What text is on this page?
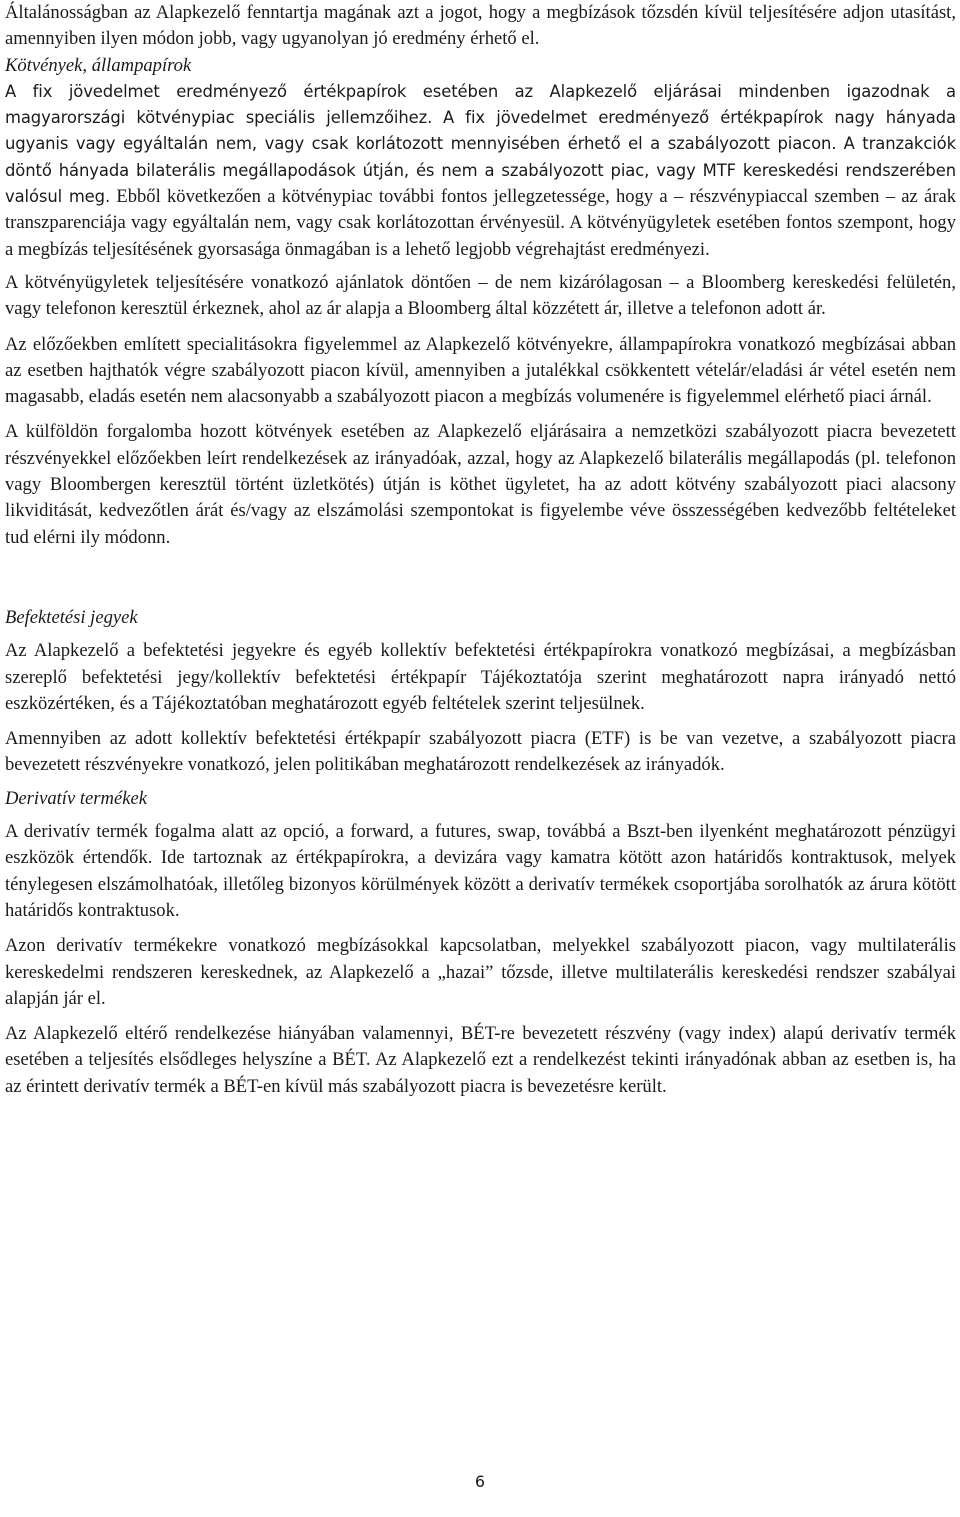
Általánosságban az Alapkezelő fenntartja magának azt a jogot, hogy a megbízások tőzsdén kívül teljesítésére adjon utasítást, amennyiben ilyen módon jobb, vagy ugyanolyan jó eredmény érhető el.

Kötvények, állampapírok

A fix jövedelmet eredményező értékpapírok esetében az Alapkezelő eljárásai mindenben igazodnak a magyarországi kötvénypiac speciális jellemzőihez. A fix jövedelmet eredményező értékpapírok nagy hányada ugyanis vagy egyáltalán nem, vagy csak korlátozott mennyisében érhető el a szabályozott piacon. A tranzakciók döntő hányada bilaterális megállapodások útján, és nem a szabályozott piac, vagy MTF kereskedési rendszerében valósul meg. Ebből következően a kötvénypiac további fontos jellegzetessége, hogy a – részvénypiaccal szemben – az árak transzparenciája vagy egyáltalán nem, vagy csak korlátozottan érvényesül. A kötvényügyletek esetében fontos szempont, hogy a megbízás teljesítésének gyorsasága önmagában is a lehető legjobb végrehajtást eredményezi.

A kötvényügyletek teljesítésére vonatkozó ajánlatok döntően – de nem kizárólagosan – a Bloomberg kereskedési felületén, vagy telefonon keresztül érkeznek, ahol az ár alapja a Bloomberg által közzétett ár, illetve a telefonon adott ár.

Az előzőekben említett specialitásokra figyelemmel az Alapkezelő kötvényekre, állampapírokra vonatkozó megbízásai abban az esetben hajthatók végre szabályozott piacon kívül, amennyiben a jutalékkal csökkentett vételár/eladási ár vétel esetén nem magasabb, eladás esetén nem alacsonyabb a szabályozott piacon a megbízás volumenére is figyelemmel elérhető piaci árnál.

A külföldön forgalomba hozott kötvények esetében az Alapkezelő eljárásaira a nemzetközi szabályozott piacra bevezetett részvényekkel előzőekben leírt rendelkezések az irányadóak, azzal, hogy az Alapkezelő bilaterális megállapodás (pl. telefonon vagy Bloombergen keresztül történt üzletkötés) útján is köthet ügyletet, ha az adott kötvény szabályozott piaci alacsony likviditását, kedvezőtlen árát és/vagy az elszámolási szempontokat is figyelembe véve összességében kedvezőbb feltételeket tud elérni ily módonn.

Befektetési jegyek

Az Alapkezelő a befektetési jegyekre és egyéb kollektív befektetési értékpapírokra vonatkozó megbízásai, a megbízásban szereplő befektetési jegy/kollektív befektetési értékpapír Tájékoztatója szerint meghatározott napra irányadó nettó eszközértéken, és a Tájékoztatóban meghatározott egyéb feltételek szerint teljesülnek.

Amennyiben az adott kollektív befektetési értékpapír szabályozott piacra (ETF) is be van vezetve, a szabályozott piacra bevezetett részvényekre vonatkozó, jelen politikában meghatározott rendelkezések az irányadók.

Derivatív termékek

A derivatív termék fogalma alatt az opció, a forward, a futures, swap, továbbá a Bszt-ben ilyenként meghatározott pénzügyi eszközök értendők. Ide tartoznak az értékpapírokra, a devizára vagy kamatra kötött azon határidős kontraktusok, melyek ténylegesen elszámolhatóak, illetőleg bizonyos körülmények között a derivatív termékek csoportjába sorolhatók az árura kötött határidős kontraktusok.

Azon derivatív termékekre vonatkozó megbízásokkal kapcsolatban, melyekkel szabályozott piacon, vagy multilaterális kereskedelmi rendszeren kereskednek, az Alapkezelő a „hazai” tőzsde, illetve multilaterális kereskedési rendszer szabályai alapján jár el.

Az Alapkezelő eltérő rendelkezése hiányában valamennyi, BÉT-re bevezetett részvény (vagy index) alapú derivatív termék esetében a teljesítés elsődleges helyszíne a BÉT. Az Alapkezelő ezt a rendelkezést tekinti irányadónak abban az esetben is, ha az érintett derivatív termék a BÉT-en kívül más szabályozott piacra is bevezetésre került.

6
